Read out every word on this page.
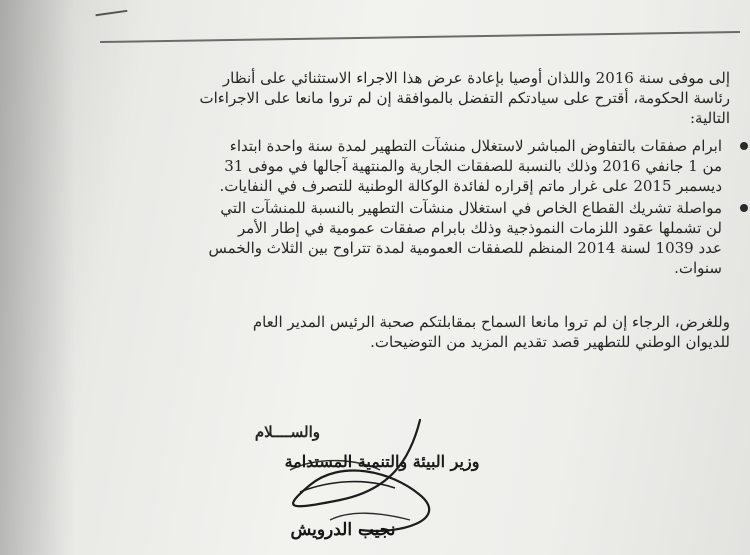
إلى موفى سنة 2016 واللذان أوصيا بإعادة عرض هذا الاجراء الاستثنائي على أنظار
رئاسة الحكومة، أقترح على سيادتكم التفضل بالموافقة إن لم تروا مانعا على الاجراءات
التالية:

ابرام صفقات بالتفاوض المباشر لاستغلال منشآت التطهير لمدة سنة واحدة ابتداء
من 1 جانفي 2016 وذلك بالنسبة للصفقات الجارية والمنتهية آجالها في موفى 31
ديسمبر 2015 على غرار ماتم إقراره لفائدة الوكالة الوطنية للتصرف في النفايات.
مواصلة تشريك القطاع الخاص في استغلال منشآت التطهير بالنسبة للمنشآت التي
لن تشملها عقود اللزمات النموذجية وذلك بابرام صفقات عمومية في إطار الأمر
عدد 1039 لسنة 2014 المنظم للصفقات العمومية لمدة تتراوح بين الثلاث والخمس
سنوات.

وللغرض، الرجاء إن لم تروا مانعا السماح بمقابلتكم صحبة الرئيس المدير العام
للديوان الوطني للتطهير قصد تقديم المزيد من التوضيحات.

والســــلام
وزير البيئة والتنمية المستدامة
نجيب الدرويش
